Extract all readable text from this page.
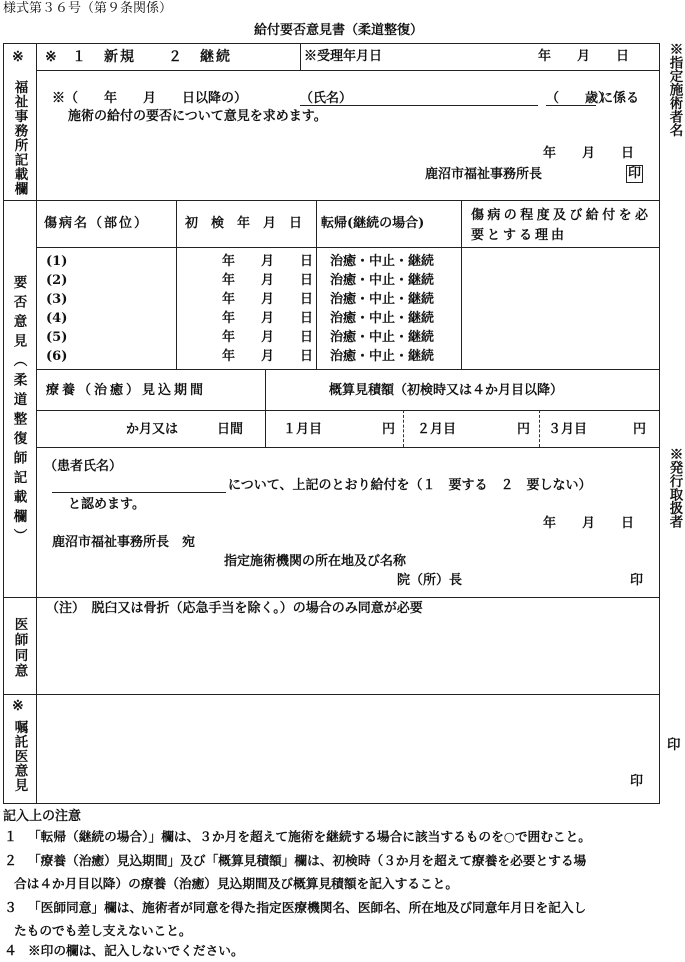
様式第３６号（第９条関係）
給付要否意見書（柔道整復）
※
福祉事務所記載欄
※ １　新規　　２　継続	※受理年月日	年　　月　　日
※（　　年　　月　　日以降の）	（氏名）	（　　歳）
に係る
施術の給付の要否について意見を求めます。
年　　月　　日
鹿沼市福祉事務所長	印
要否意見（柔道整復師記載欄）
傷病名（部位）	初　検　年　月　日 転帰(継続の場合)
傷病の程度及び給付を必要とする理由
(1)	年　　月　　日 治癒・中止・継続
(2)	年　　月　　日 治癒・中止・継続
(3)	年　　月　　日 治癒・中止・継続
(4)	年　　月　　日 治癒・中止・継続
(5)	年　　月　　日 治癒・中止・継続
(6)	年　　月　　日 治癒・中止・継続
療養（治癒）見込期間	概算見積額（初検時又は４か月目以降）
か月又は　　　日間	１月目	円 ２月目	円 ３月目	円
（患者氏名）
について、上記のとおり給付を（１　要する　２　要しない）
と認めます。
年　　月　　日
鹿沼市福祉事務所長　宛
指定施術機関の所在地及び名称
院（所）長	印
医師同意
（注）　脱臼又は骨折（応急手当を除く。）の場合のみ同意が必要
※
嘱託医意見	印
※指定施術者名
※発行取扱者
印
記入上の注意
１ 「転帰（継続の場合）」欄は、３か月を超えて施術を継続する場合に該当するものを○で囲むこと。
２ 「療養（治癒）見込期間」及び「概算見積額」欄は、初検時（３か月を超えて療養を必要とする場
合は４か月目以降）の療養（治癒）見込期間及び概算見積額を記入すること。
３ 「医師同意」欄は、施術者が同意を得た指定医療機関名、医師名、所在地及び同意年月日を記入し
たものでも差し支えないこと。
４ ※印の欄は、記入しないでください。
